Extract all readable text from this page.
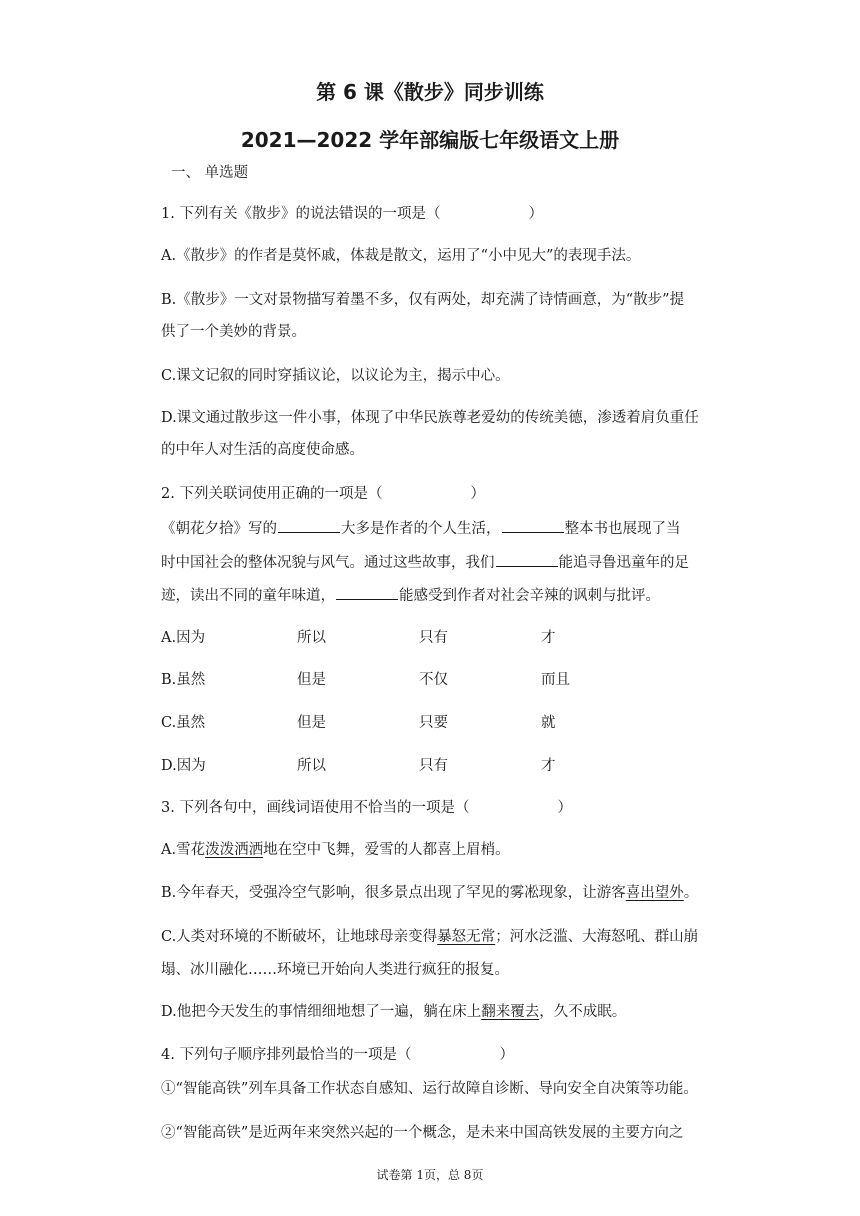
第 6 课《散步》同步训练
2021—2022 学年部编版七年级语文上册
一、 单选题
1. 下列有关《散步》的说法错误的一项是（	）
A.《散步》的作者是莫怀戚，体裁是散文，运用了“小中见大”的表现手法。
B.《散步》一文对景物描写着墨不多，仅有两处，却充满了诗情画意，为“散步”提
供了一个美妙的背景。
C.课文记叙的同时穿插议论，以议论为主，揭示中心。
D.课文通过散步这一件小事，体现了中华民族尊老爱幼的传统美德，渗透着肩负重任
的中年人对生活的高度使命感。
2. 下列关联词使用正确的一项是（	）
《朝花夕拾》写的	大多是作者的个人生活，	整本书也展现了当
时中国社会的整体况貌与风气。通过这些故事，我们	能追寻鲁迅童年的足
迹，读出不同的童年味道，	能感受到作者对社会辛辣的讽刺与批评。
A.因为	所以	只有	才
B.虽然	但是	不仅	而且
C.虽然	但是	只要	就
D.因为	所以	只有	才
3. 下列各句中，画线词语使用不恰当的一项是（	）
A.雪花泼泼洒洒地在空中飞舞，爱雪的人都喜上眉梢。
B.今年春天，受强冷空气影响，很多景点出现了罕见的雾凇现象，让游客喜出望外。
C.人类对环境的不断破坏，让地球母亲变得暴怒无常；河水泛滥、大海怒吼、群山崩
塌、冰川融化……环境已开始向人类进行疯狂的报复。
D.他把今天发生的事情细细地想了一遍，躺在床上翻来覆去，久不成眠。
4. 下列句子顺序排列最恰当的一项是（	）
①“智能高铁”列车具备工作状态自感知、运行故障自诊断、导向安全自决策等功能。
②“智能高铁”是近两年来突然兴起的一个概念，是未来中国高铁发展的主要方向之
试卷第 1页，总 8页
